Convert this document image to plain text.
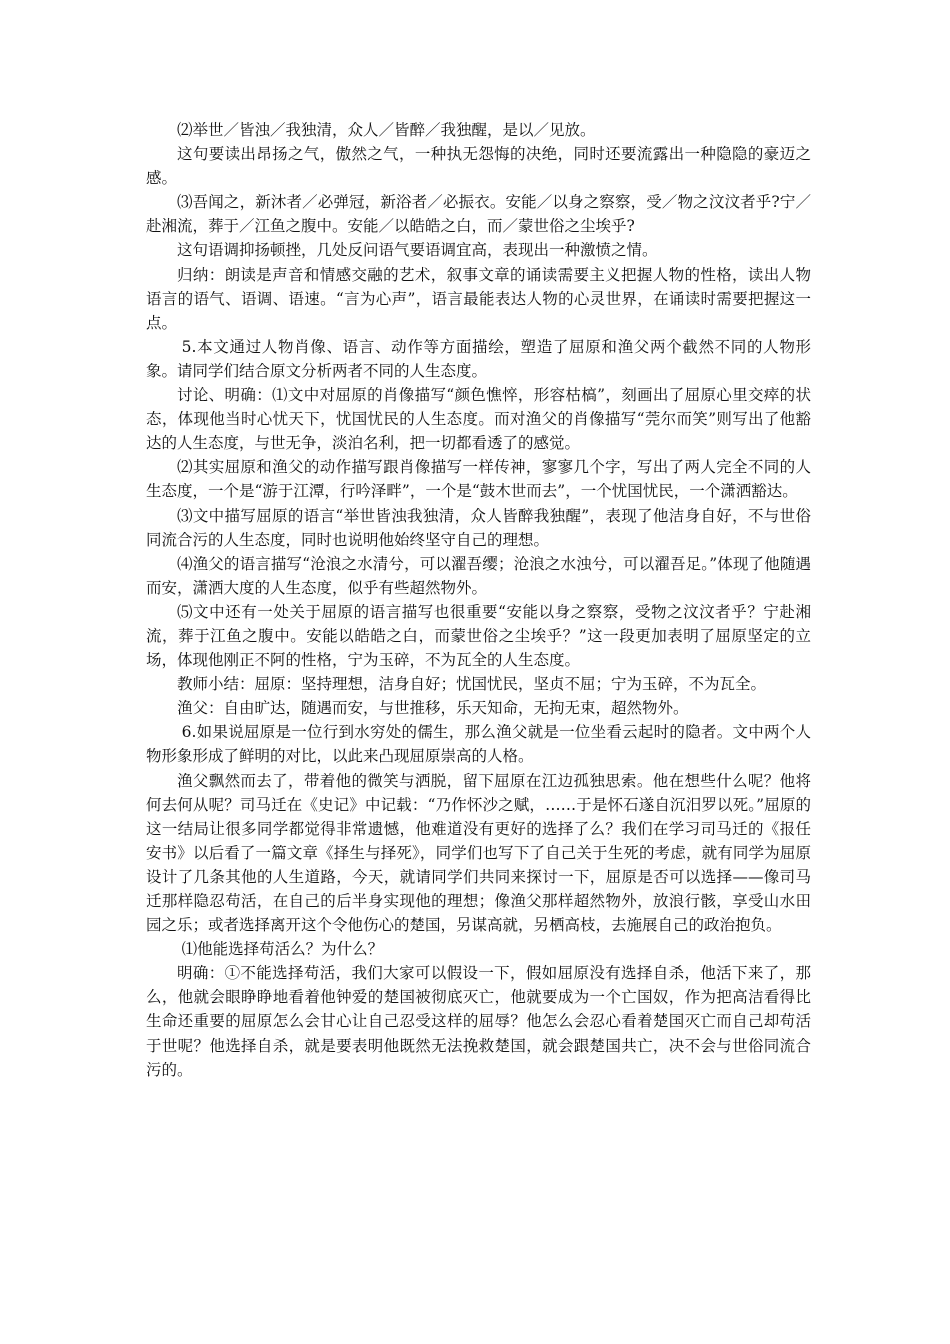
⑵举世／皆浊／我独清，众人／皆醉／我独醒，是以／见放。

这句要读出昂扬之气，傲然之气，一种执无怨悔的决绝，同时还要流露出一种隐隐的豪迈之感。

⑶吾闻之，新沐者／必弹冠，新浴者／必振衣。安能／以身之察察，受／物之汶汶者乎?宁／赴湘流，葬于／江鱼之腹中。安能／以皓皓之白，而／蒙世俗之尘埃乎?

这句语调抑扬顿挫，几处反问语气要语调宜高，表现出一种激愤之情。

归纳：朗读是声音和情感交融的艺术，叙事文章的诵读需要主义把握人物的性格，读出人物语言的语气、语调、语速。“言为心声”，语言最能表达人物的心灵世界，在诵读时需要把握这一点。

5.本文通过人物肖像、语言、动作等方面描绘，塑造了屈原和渔父两个截然不同的人物形象。请同学们结合原文分析两者不同的人生态度。

讨论、明确：⑴文中对屈原的肖像描写“颜色憔悴，形容枯槁”，刻画出了屈原心里交瘁的状态，体现他当时心忧天下，忧国忧民的人生态度。而对渔父的肖像描写“莞尔而笑”则写出了他豁达的人生态度，与世无争，淡泊名利，把一切都看透了的感觉。

⑵其实屈原和渔父的动作描写跟肖像描写一样传神，寥寥几个字，写出了两人完全不同的人生态度，一个是“游于江潭，行吟泽畔”，一个是“鼓木世而去”，一个忧国忧民，一个潇洒豁达。

⑶文中描写屈原的语言“举世皆浊我独清，众人皆醉我独醒”，表现了他洁身自好，不与世俗同流合污的人生态度，同时也说明他始终坚守自己的理想。

⑷渔父的语言描写“沧浪之水清兮，可以濯吾缨；沧浪之水浊兮，可以濯吾足。”体现了他随遇而安，潇洒大度的人生态度，似乎有些超然物外。

⑸文中还有一处关于屈原的语言描写也很重要“安能以身之察察，受物之汶汶者乎？宁赴湘流，葬于江鱼之腹中。安能以皓皓之白，而蒙世俗之尘埃乎？”这一段更加表明了屈原坚定的立场，体现他刚正不阿的性格，宁为玉碎，不为瓦全的人生态度。

教师小结：屈原：坚持理想，洁身自好；忧国忧民，坚贞不屈；宁为玉碎，不为瓦全。

渔父：自由旷达，随遇而安，与世推移，乐天知命，无拘无束，超然物外。

6.如果说屈原是一位行到水穷处的儒生，那么渔父就是一位坐看云起时的隐者。文中两个人物形象形成了鲜明的对比，以此来凸现屈原崇高的人格。

渔父飘然而去了，带着他的微笑与洒脱，留下屈原在江边孤独思索。他在想些什么呢？他将何去何从呢？司马迁在《史记》中记载：“乃作怀沙之赋，……于是怀石遂自沉汨罗以死。”屈原的这一结局让很多同学都觉得非常遗憾，他难道没有更好的选择了么？我们在学习司马迁的《报任安书》以后看了一篇文章《择生与择死》，同学们也写下了自己关于生死的考虑，就有同学为屈原设计了几条其他的人生道路，今天，就请同学们共同来探讨一下，屈原是否可以选择——像司马迁那样隐忍苟活，在自己的后半身实现他的理想；像渔父那样超然物外，放浪行骸，享受山水田园之乐；或者选择离开这个令他伤心的楚国，另谋高就，另栖高枝，去施展自己的政治抱负。

⑴他能选择苟活么？为什么？

明确：①不能选择苟活，我们大家可以假设一下，假如屈原没有选择自杀，他活下来了，那么，他就会眼睁睁地看着他钟爱的楚国被彻底灭亡，他就要成为一个亡国奴，作为把高洁看得比生命还重要的屈原怎么会甘心让自己忍受这样的屈辱？他怎么会忍心看着楚国灭亡而自己却苟活于世呢？他选择自杀，就是要表明他既然无法挽救楚国，就会跟楚国共亡，决不会与世俗同流合污的。
